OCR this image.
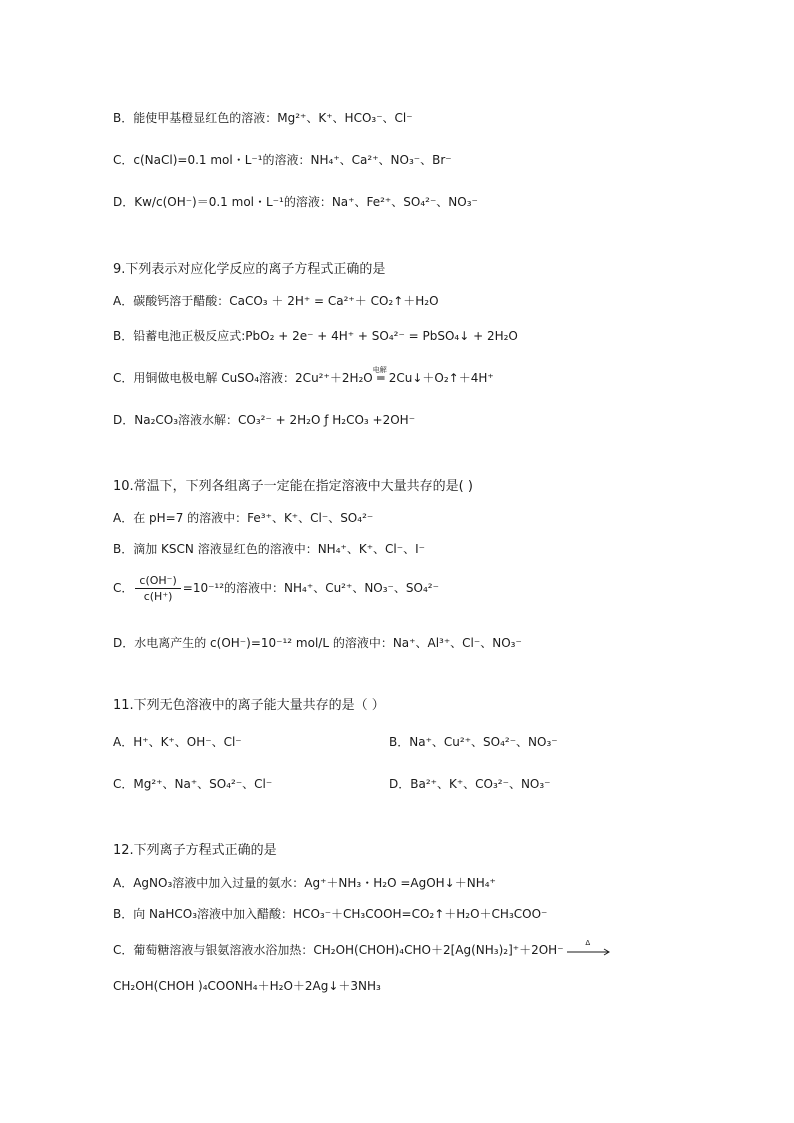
B．能使甲基橙显红色的溶液：Mg²⁺、K⁺、HCO₃⁻、Cl⁻
C．c(NaCl)=0.1 mol・L⁻¹的溶液：NH₄⁺、Ca²⁺、NO₃⁻、Br⁻
D．Kw/c(OH⁻)＝0.1 mol・L⁻¹的溶液：Na⁺、Fe²⁺、SO₄²⁻、NO₃⁻
9.下列表示对应化学反应的离子方程式正确的是
A．碳酸钙溶于醋酸：CaCO₃ ＋ 2H⁺ = Ca²⁺＋ CO₂↑＋H₂O
B．铅蓄电池正极反应式:PbO₂ + 2e⁻ + 4H⁺ + SO₄²⁻ = PbSO₄↓ + 2H₂O
C．用铜做电极电解 CuSO₄溶液：2Cu²⁺＋2H₂O
电解
═ 2Cu↓＋O₂↑＋4H⁺
D．Na₂CO₃溶液水解：CO₃²⁻ + 2H₂O ƒ H₂CO₃ +2OH⁻
10.常温下，下列各组离子一定能在指定溶液中大量共存的是( )
A．在 pH=7 的溶液中：Fe³⁺、K⁺、Cl⁻、SO₄²⁻
B．滴加 KSCN 溶液显红色的溶液中：NH₄⁺、K⁺、Cl⁻、I⁻
C． $\frac{c(OH^-)}{c(H^+)} =10^{-12}$的溶液中：NH₄⁺、Cu²⁺、NO₃⁻、SO₄²⁻
D．水电离产生的 c(OH⁻)=10⁻¹² mol/L 的溶液中：Na⁺、Al³⁺、Cl⁻、NO₃⁻
11.下列无色溶液中的离子能大量共存的是（ ）
A．H⁺、K⁺、OH⁻、Cl⁻	B．Na⁺、Cu²⁺、SO₄²⁻、NO₃⁻
C．Mg²⁺、Na⁺、SO₄²⁻、Cl⁻	D．Ba²⁺、K⁺、CO₃²⁻、NO₃⁻
12.下列离子方程式正确的是
A．AgNO₃溶液中加入过量的氨水：Ag⁺＋NH₃・H₂O =AgOH↓＋NH₄⁺
B．向 NaHCO₃溶液中加入醋酸：HCO₃⁻＋CH₃COOH=CO₂↑＋H₂O＋CH₃COO⁻
C．葡萄糖溶液与银氨溶液水浴加热：CH₂OH(CHOH)₄CHO＋2[Ag(NH₃)₂]⁺＋2OH⁻
Δ
CH₂OH(CHOH )₄COONH₄＋H₂O＋2Ag↓＋3NH₃
